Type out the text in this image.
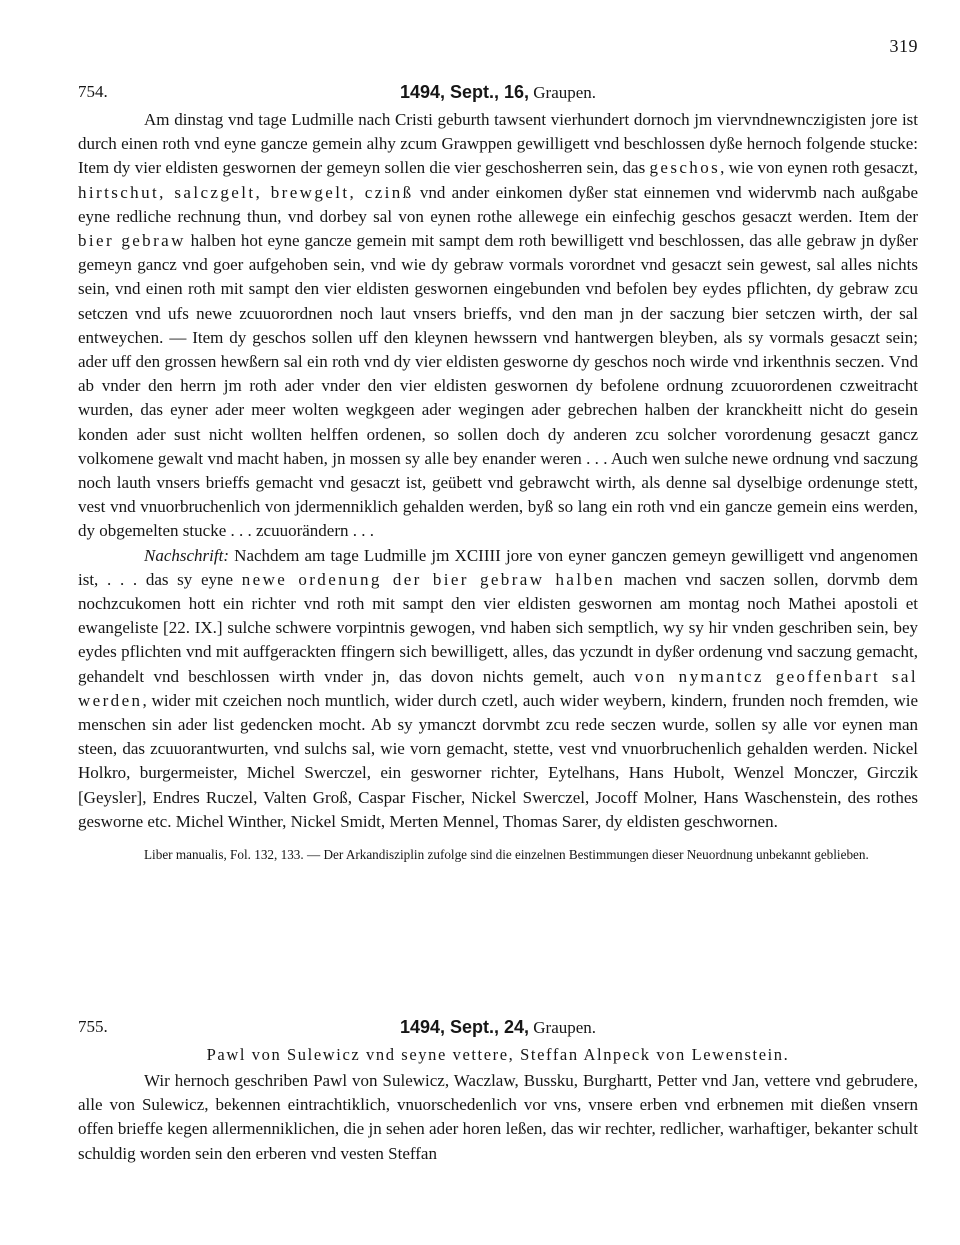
319
754.	1494, Sept., 16, Graupen.

Am dinstag vnd tage Ludmille nach Cristi geburth tawsent vierhundert dornoch jm viervndnewnczigisten jore ist durch einen roth vnd eyne gancze gemein alhy zcum Grawppen gewilligett vnd beschlossen dyße hernoch folgende stucke: Item dy vier eldisten geswornen der gemeyn sollen die vier geschosherren sein, das geschos, wie von eynen roth gesaczt, hirtschut, salczgelt, brewgelt, czinß vnd ander einkomen dyßer stat einnemen vnd widervmb nach außgabe eyne redliche rechnung thun, vnd dorbey sal von eynen rothe allewege ein einfechig geschos gesaczt werden. Item der bier gebraw halben hot eyne gancze gemein mit sampt dem roth bewilligett vnd beschlossen, das alle gebraw jn dyßer gemeyn gancz vnd goer aufgehoben sein, vnd wie dy gebraw vormals vorordnet vnd gesaczt sein gewest, sal alles nichts sein, vnd einen roth mit sampt den vier eldisten geswornen eingebunden vnd befolen bey eydes pflichten, dy gebraw zcu setczen vnd ufs newe zcuuorordnen noch laut vnsers brieffs, vnd den man jn der saczung bier setczen wirth, der sal entweychen. — Item dy geschos sollen uff den kleynen hewssern vnd hantwergen bleyben, als sy vormals gesaczt sein; ader uff den grossen hewßern sal ein roth vnd dy vier eldisten gesworne dy geschos noch wirde vnd irkenthnis seczen. Vnd ab vnder den herrn jm roth ader vnder den vier eldisten geswornen dy befolene ordnung zcuuorordenen czweitracht wurden, das eyner ader meer wolten wegkgeen ader wegingen ader gebrechen halben der kranckheitt nicht do gesein konden ader sust nicht wollten helffen ordenen, so sollen doch dy anderen zcu solcher vorordenung gesaczt gancz volkomene gewalt vnd macht haben, jn mossen sy alle bey enander weren . . . Auch wen sulche newe ordnung vnd saczung noch lauth vnsers brieffs gemacht vnd gesaczt ist, geübett vnd gebrawcht wirth, als denne sal dyselbige ordenunge stett, vest vnd vnuorbruchenlich von jdermenniklich gehalden werden, byß so lang ein roth vnd ein gancze gemein eins werden, dy obgemelten stucke . . . zcuuorändern . . .

Nachschrift: Nachdem am tage Ludmille jm XCIIII jore von eyner ganczen gemeyn gewilligett vnd angenomen ist, . . . das sy eyne newe ordenung der bier gebraw halben machen vnd saczen sollen, dorvmb dem nochzcukomen hott ein richter vnd roth mit sampt den vier eldisten geswornen am montag noch Mathei apostoli et ewangeliste [22. IX.] sulche schwere vorpintnis gewogen, vnd haben sich semptlich, wy sy hir vnden geschriben sein, bey eydes pflichten vnd mit auffgerackten ffingern sich bewilligett, alles, das yczundt in dyßer ordenung vnd saczung gemacht, gehandelt vnd beschlossen wirth vnder jn, das dovon nichts gemelt, auch von nymantcz geoffenbart sal werden, wider mit czeichen noch muntlich, wider durch czetl, auch wider weybern, kindern, frunden noch fremden, wie menschen sin ader list gedencken mocht. Ab sy ymanczt dorvmbt zcu rede seczen wurde, sollen sy alle vor eynen man steen, das zcuuorantwurten, vnd sulchs sal, wie vorn gemacht, stette, vest vnd vnuorbruchenlich gehalden werden. Nickel Holkro, burgermeister, Michel Swerczel, ein gesworner richter, Eytelhans, Hans Hubolt, Wenzel Monczer, Girczik [Geysler], Endres Ruczel, Valten Groß, Caspar Fischer, Nickel Swerczel, Jocoff Molner, Hans Waschenstein, des rothes gesworne etc. Michel Winther, Nickel Smidt, Merten Mennel, Thomas Sarer, dy eldisten geschwornen.

Liber manualis, Fol. 132, 133. — Der Arkandisziplin zufolge sind die einzelnen Bestimmungen dieser Neuordnung unbekannt geblieben.
755.	1494, Sept., 24, Graupen.
Pawl von Sulewicz vnd seyne vettere, Steffan Alnpeck von Lewenstein.

Wir hernoch geschriben Pawl von Sulewicz, Waczlaw, Bussku, Burghartt, Petter vnd Jan, vettere vnd gebrudere, alle von Sulewicz, bekennen eintrachtiklich, vnuorschedenlich vor vns, vnsere erben vnd erbnemen mit dießen vnsern offen brieffe kegen allermenniklichen, die jn sehen ader horen leßen, das wir rechter, redlicher, warhaftiger, bekanter schult schuldig worden sein den erberen vnd vesten Steffan
